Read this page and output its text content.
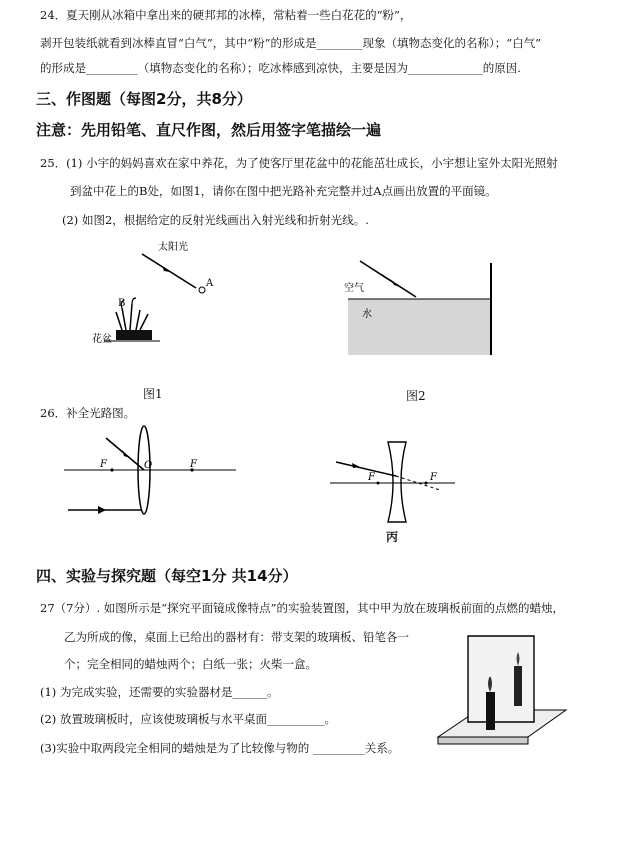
24．夏天刚从冰箱中拿出来的硬邦邦的冰棒，常粘着一些白花花的“粉”，
剥开包装纸就看到冰棒直冒“白气”，其中“粉”的形成是________现象（填物态变化的名称）；“白气”
的形成是_________（填物态变化的名称）；吃冰棒感到凉快，主要是因为_____________的原因.
三、作图题（每图2分，共8分）
注意：先用铅笔、直尺作图，然后用签字笔描绘一遍
25．(1) 小宇的妈妈喜欢在家中养花，为了使客厅里花盆中的花能茁壮成长，小宇想让室外太阳光照射
到盆中花上的B处，如图1，请你在图中把光路补充完整并过A点画出放置的平面镜。
(2) 如图2，根据给定的反射光线画出入射光线和折射光线。.
太阳光
A
B
花盆
图1
空气
水
图2
26．补全光路图。
F	O	F
F	F
丙
四、实验与探究题（每空1分 共14分）
27（7分）. 如图所示是“探究平面镜成像特点”的实验装置图，其中甲为放在玻璃板前面的点燃的蜡烛，
乙为所成的像，桌面上已给出的器材有：带支架的玻璃板、铅笔各一
个；完全相同的蜡烛两个；白纸一张；火柴一盒。
(1) 为完成实验，还需要的实验器材是______。
(2) 放置玻璃板时，应该使玻璃板与水平桌面__________。
(3)实验中取两段完全相同的蜡烛是为了比较像与物的 _________关系。
